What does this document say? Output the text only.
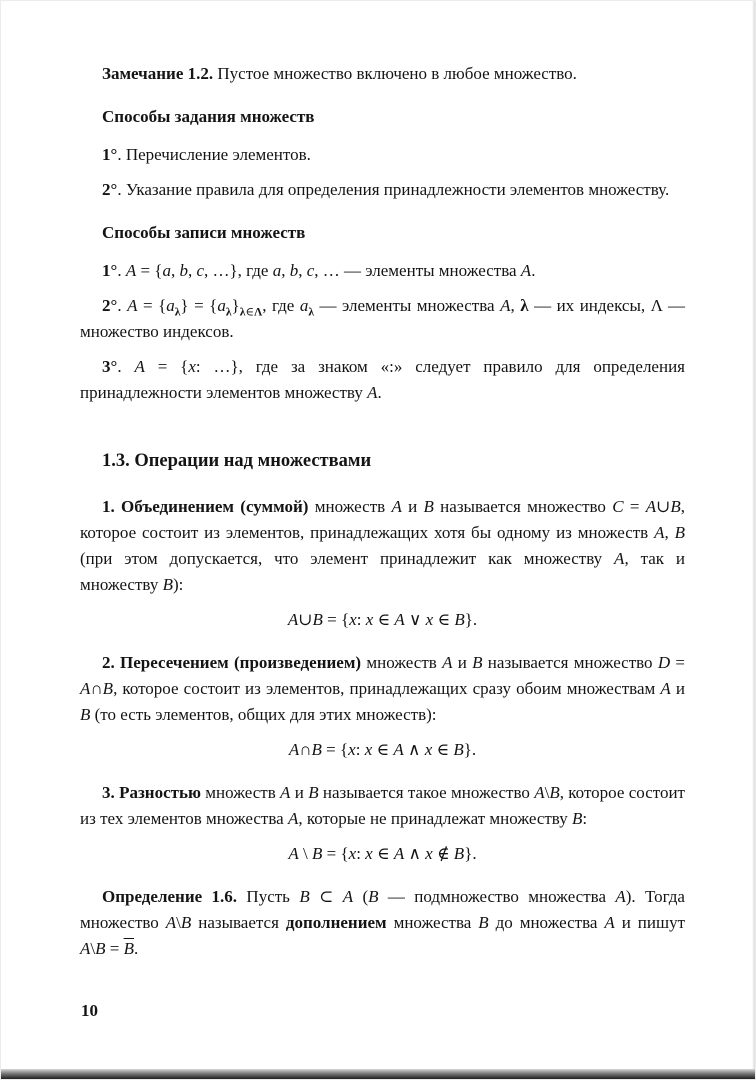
Замечание 1.2. Пустое множество включено в любое множество.

Способы задания множеств

1°. Перечисление элементов.

2°. Указание правила для определения принадлежности элементов множеству.

Способы записи множеств

1°. A = {a, b, c, …}, где a, b, c, … — элементы множества A.

2°. $A = \{a_\lambda\} = \{a_\lambda\}_{\lambda\in\Lambda}$, где $a_\lambda$ — элементы множества A, λ — их индексы, Λ — множество индексов.

3°. A = {x: …}, где за знаком «:» следует правило для определения принадлежности элементов множеству A.

1.3. Операции над множествами

1. Объединением (суммой) множеств A и B называется множество C = A∪B, которое состоит из элементов, принадлежащих хотя бы одному из множеств A, B (при этом допускается, что элемент принадлежит как множеству A, так и множеству B):

A∪B = {x: x ∈ A ∨ x ∈ B}.

2. Пересечением (произведением) множеств A и B называется множество D = A∩B, которое состоит из элементов, принадлежащих сразу обоим множествам A и B (то есть элементов, общих для этих множеств):

A∩B = {x: x ∈ A ∧ x ∈ B}.

3. Разностью множеств A и B называется такое множество A\B, которое состоит из тех элементов множества A, которые не принадлежат множеству B:

A \ B = {x: x ∈ A ∧ x ∉ B}.

Определение 1.6. Пусть B ⊂ A (B — подмножество множества A). Тогда множество A\B называется дополнением множества B до множества A и пишут A\B = $\overline{B}$.

10
